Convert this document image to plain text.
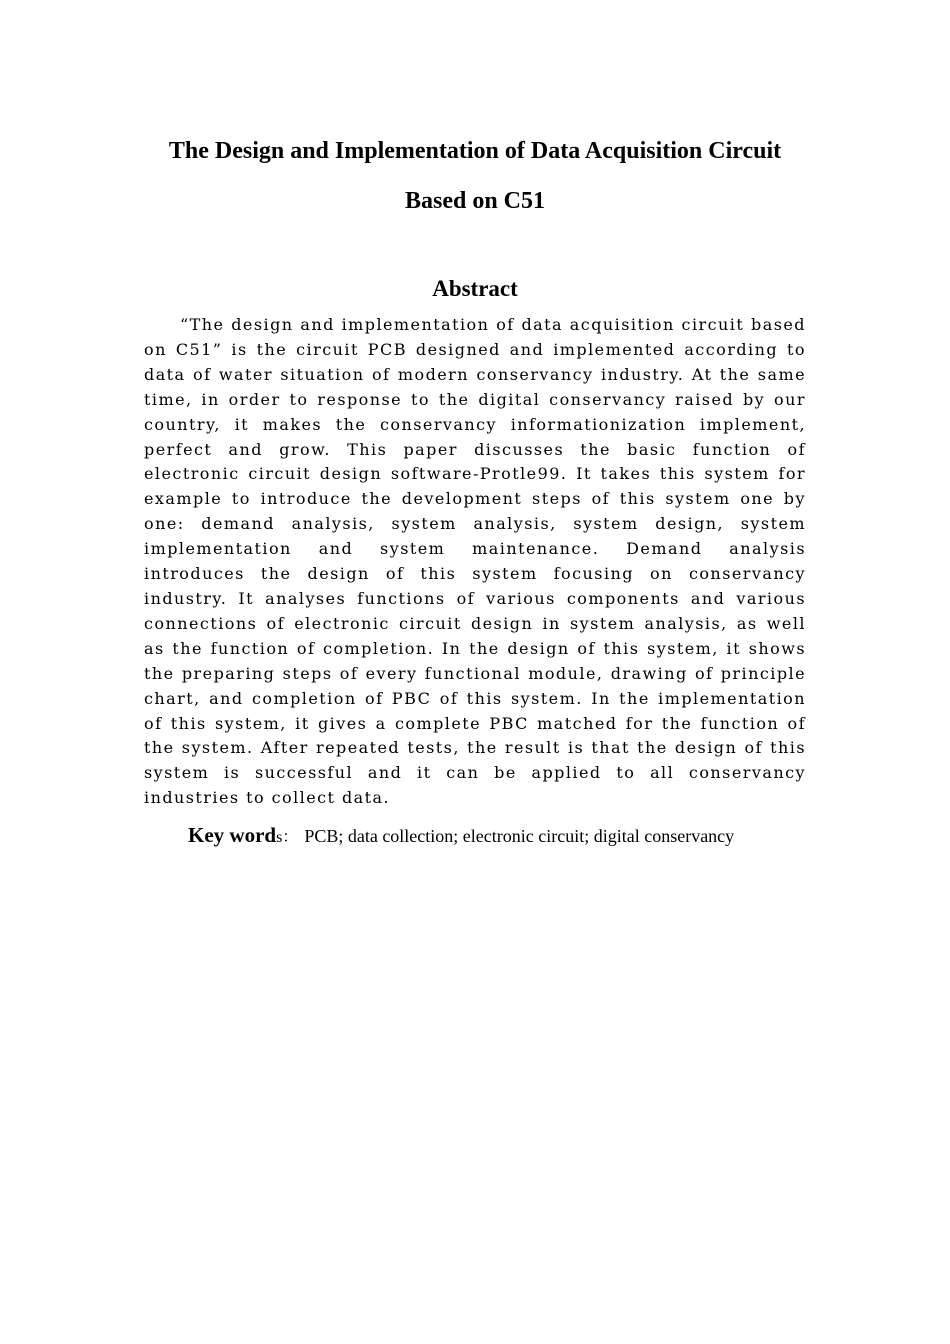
The Design and Implementation of Data Acquisition Circuit
Based on C51
Abstract

“The design and implementation of data acquisition circuit based on C51” is the circuit PCB designed and implemented according to data of water situation of modern conservancy industry. At the same time, in order to response to the digital conservancy raised by our country, it makes the conservancy informationization implement, perfect and grow. This paper discusses the basic function of electronic circuit design software-Protle99. It takes this system for example to introduce the development steps of this system one by one: demand analysis, system analysis, system design, system implementation and system maintenance. Demand analysis introduces the design of this system focusing on conservancy industry. It analyses functions of various components and various connections of electronic circuit design in system analysis, as well as the function of completion. In the design of this system, it shows the preparing steps of every functional module, drawing of principle chart, and completion of PBC of this system. In the implementation of this system, it gives a complete PBC matched for the function of the system. After repeated tests, the result is that the design of this system is successful and it can be applied to all conservancy industries to collect data.

Key words： PCB; data collection; electronic circuit; digital conservancy
